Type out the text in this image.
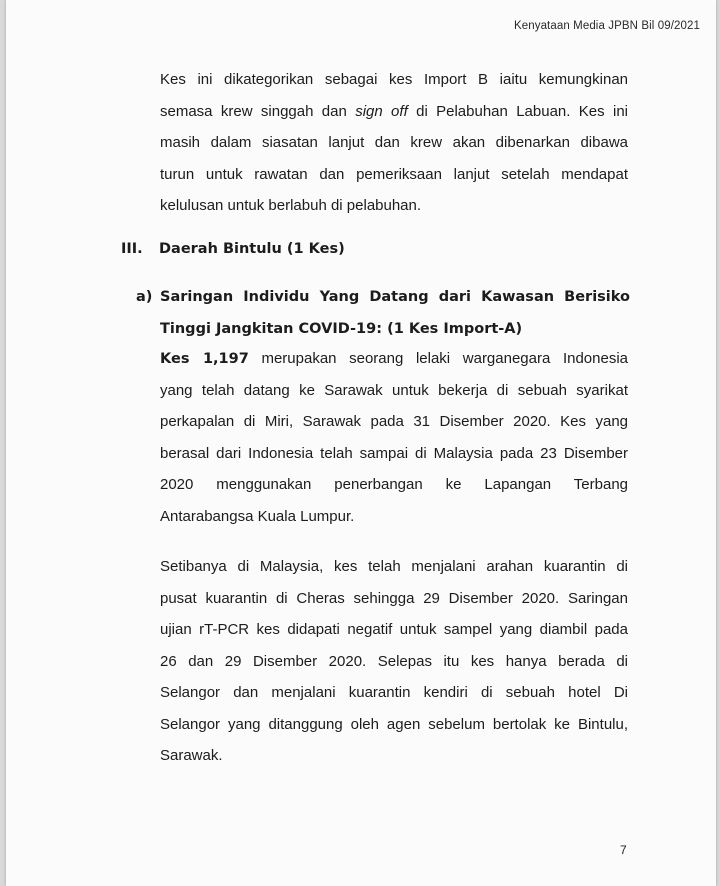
Kenyataan Media JPBN Bil 09/2021
Kes ini dikategorikan sebagai kes Import B iaitu kemungkinan
semasa krew singgah dan sign off di Pelabuhan Labuan. Kes ini
masih dalam siasatan lanjut dan krew akan dibenarkan dibawa
turun untuk rawatan dan pemeriksaan lanjut setelah mendapat
kelulusan untuk berlabuh di pelabuhan.
III. Daerah Bintulu (1 Kes)
a) Saringan Individu Yang Datang dari Kawasan Berisiko
Tinggi Jangkitan COVID-19: (1 Kes Import-A)
Kes 1,197 merupakan seorang lelaki warganegara Indonesia
yang telah datang ke Sarawak untuk bekerja di sebuah syarikat
perkapalan di Miri, Sarawak pada 31 Disember 2020. Kes yang
berasal dari Indonesia telah sampai di Malaysia pada 23 Disember
2020 menggunakan penerbangan ke Lapangan Terbang
Antarabangsa Kuala Lumpur.
Setibanya di Malaysia, kes telah menjalani arahan kuarantin di
pusat kuarantin di Cheras sehingga 29 Disember 2020. Saringan
ujian rT-PCR kes didapati negatif untuk sampel yang diambil pada
26 dan 29 Disember 2020. Selepas itu kes hanya berada di
Selangor dan menjalani kuarantin kendiri di sebuah hotel Di
Selangor yang ditanggung oleh agen sebelum bertolak ke Bintulu,
Sarawak.
7
